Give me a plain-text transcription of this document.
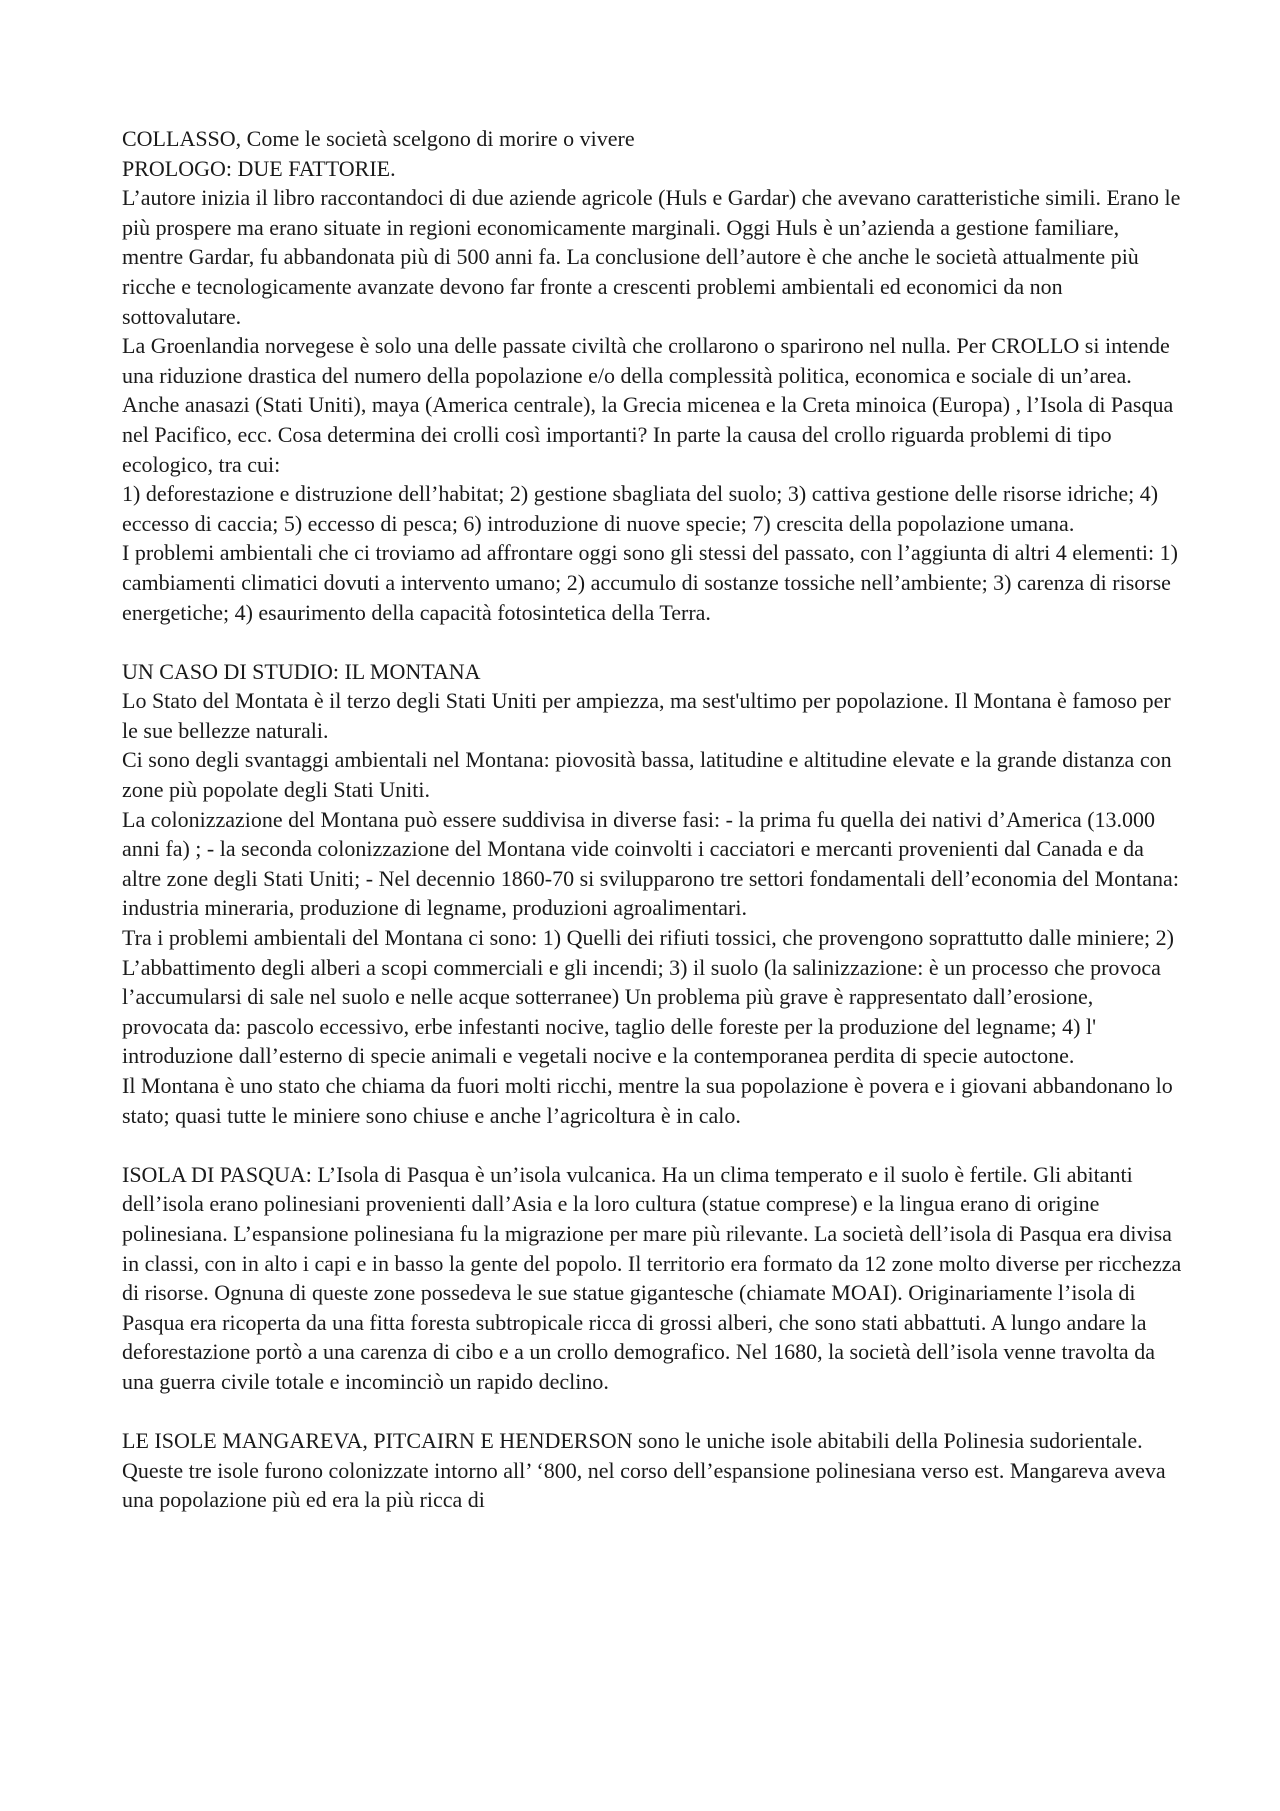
COLLASSO, Come le società scelgono di morire o vivere

PROLOGO: DUE FATTORIE.

L’autore inizia il libro raccontandoci di due aziende agricole (Huls e Gardar) che avevano caratteristiche simili. Erano le più prospere ma erano situate in regioni economicamente marginali. Oggi Huls è un’azienda a gestione familiare, mentre Gardar, fu abbandonata più di 500 anni fa. La conclusione dell’autore è che anche le società attualmente più ricche e tecnologicamente avanzate devono far fronte a crescenti problemi ambientali ed economici da non sottovalutare.

La Groenlandia norvegese è solo una delle passate civiltà che crollarono o sparirono nel nulla. Per CROLLO si intende una riduzione drastica del numero della popolazione e/o della complessità politica, economica e sociale di un’area. Anche anasazi (Stati Uniti), maya (America centrale), la Grecia micenea e la Creta minoica (Europa) , l’Isola di Pasqua nel Pacifico, ecc. Cosa determina dei crolli così importanti? In parte la causa del crollo riguarda problemi di tipo ecologico, tra cui:

1) deforestazione e distruzione dell’habitat; 2) gestione sbagliata del suolo; 3) cattiva gestione delle risorse idriche; 4) eccesso di caccia; 5) eccesso di pesca; 6) introduzione di nuove specie; 7) crescita della popolazione umana.

I problemi ambientali che ci troviamo ad affrontare oggi sono gli stessi del passato, con l’aggiunta di altri 4 elementi: 1) cambiamenti climatici dovuti a intervento umano; 2) accumulo di sostanze tossiche nell’ambiente; 3) carenza di risorse energetiche; 4) esaurimento della capacità fotosintetica della Terra.

UN CASO DI STUDIO: IL MONTANA

Lo Stato del Montata è il terzo degli Stati Uniti per ampiezza, ma sest'ultimo per popolazione. Il Montana è famoso per le sue bellezze naturali.

Ci sono degli svantaggi ambientali nel Montana: piovosità bassa, latitudine e altitudine elevate e la grande distanza con zone più popolate degli Stati Uniti.

La colonizzazione del Montana può essere suddivisa in diverse fasi: - la prima fu quella dei nativi d’America (13.000 anni fa) ; - la seconda colonizzazione del Montana vide coinvolti i cacciatori e mercanti provenienti dal Canada e da altre zone degli Stati Uniti; - Nel decennio 1860-70 si svilupparono tre settori fondamentali dell’economia del Montana: industria mineraria, produzione di legname, produzioni agroalimentari.

Tra i problemi ambientali del Montana ci sono: 1) Quelli dei rifiuti tossici, che provengono soprattutto dalle miniere; 2) L’abbattimento degli alberi a scopi commerciali e gli incendi; 3) il suolo (la salinizzazione: è un processo che provoca l’accumularsi di sale nel suolo e nelle acque sotterranee) Un problema più grave è rappresentato dall’erosione, provocata da: pascolo eccessivo, erbe infestanti nocive, taglio delle foreste per la produzione del legname; 4) l' introduzione dall’esterno di specie animali e vegetali nocive e la contemporanea perdita di specie autoctone.

Il Montana è uno stato che chiama da fuori molti ricchi, mentre la sua popolazione è povera e i giovani abbandonano lo stato; quasi tutte le miniere sono chiuse e anche l’agricoltura è in calo.

ISOLA DI PASQUA: L’Isola di Pasqua è un’isola vulcanica. Ha un clima temperato e il suolo è fertile. Gli abitanti dell’isola erano polinesiani provenienti dall’Asia e la loro cultura (statue comprese) e la lingua erano di origine polinesiana. L’espansione polinesiana fu la migrazione per mare più rilevante. La società dell’isola di Pasqua era divisa in classi, con in alto i capi e in basso la gente del popolo. Il territorio era formato da 12 zone molto diverse per ricchezza di risorse. Ognuna di queste zone possedeva le sue statue gigantesche (chiamate MOAI). Originariamente l’isola di Pasqua era ricoperta da una fitta foresta subtropicale ricca di grossi alberi, che sono stati abbattuti. A lungo andare la deforestazione portò a una carenza di cibo e a un crollo demografico. Nel 1680, la società dell’isola venne travolta da una guerra civile totale e incominciò un rapido declino.

LE ISOLE MANGAREVA, PITCAIRN E HENDERSON sono le uniche isole abitabili della Polinesia sudorientale. Queste tre isole furono colonizzate intorno all’ ‘800, nel corso dell’espansione polinesiana verso est. Mangareva aveva una popolazione più ed era la più ricca di
